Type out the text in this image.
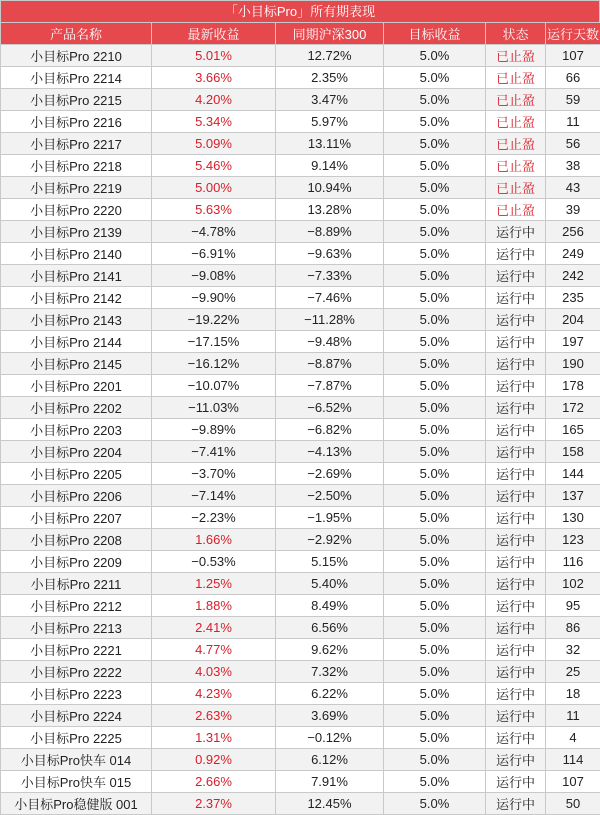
「小目标Pro」所有期表现
产品名称	最新收益	同期沪深300	目标收益	状态	运行天数
小目标Pro 2210	5.01%	12.72%	5.0%	已止盈	107
小目标Pro 2214	3.66%	2.35%	5.0%	已止盈	66
小目标Pro 2215	4.20%	3.47%	5.0%	已止盈	59
小目标Pro 2216	5.34%	5.97%	5.0%	已止盈	11
小目标Pro 2217	5.09%	13.11%	5.0%	已止盈	56
小目标Pro 2218	5.46%	9.14%	5.0%	已止盈	38
小目标Pro 2219	5.00%	10.94%	5.0%	已止盈	43
小目标Pro 2220	5.63%	13.28%	5.0%	已止盈	39
小目标Pro 2139	−4.78%	−8.89%	5.0%	运行中	256
小目标Pro 2140	−6.91%	−9.63%	5.0%	运行中	249
小目标Pro 2141	−9.08%	−7.33%	5.0%	运行中	242
小目标Pro 2142	−9.90%	−7.46%	5.0%	运行中	235
小目标Pro 2143	−19.22%	−11.28%	5.0%	运行中	204
小目标Pro 2144	−17.15%	−9.48%	5.0%	运行中	197
小目标Pro 2145	−16.12%	−8.87%	5.0%	运行中	190
小目标Pro 2201	−10.07%	−7.87%	5.0%	运行中	178
小目标Pro 2202	−11.03%	−6.52%	5.0%	运行中	172
小目标Pro 2203	−9.89%	−6.82%	5.0%	运行中	165
小目标Pro 2204	−7.41%	−4.13%	5.0%	运行中	158
小目标Pro 2205	−3.70%	−2.69%	5.0%	运行中	144
小目标Pro 2206	−7.14%	−2.50%	5.0%	运行中	137
小目标Pro 2207	−2.23%	−1.95%	5.0%	运行中	130
小目标Pro 2208	1.66%	−2.92%	5.0%	运行中	123
小目标Pro 2209	−0.53%	5.15%	5.0%	运行中	116
小目标Pro 2211	1.25%	5.40%	5.0%	运行中	102
小目标Pro 2212	1.88%	8.49%	5.0%	运行中	95
小目标Pro 2213	2.41%	6.56%	5.0%	运行中	86
小目标Pro 2221	4.77%	9.62%	5.0%	运行中	32
小目标Pro 2222	4.03%	7.32%	5.0%	运行中	25
小目标Pro 2223	4.23%	6.22%	5.0%	运行中	18
小目标Pro 2224	2.63%	3.69%	5.0%	运行中	11
小目标Pro 2225	1.31%	−0.12%	5.0%	运行中	4
小目标Pro快车 014	0.92%	6.12%	5.0%	运行中	114
小目标Pro快车 015	2.66%	7.91%	5.0%	运行中	107
小目标Pro稳健版 001	2.37%	12.45%	5.0%	运行中	50
